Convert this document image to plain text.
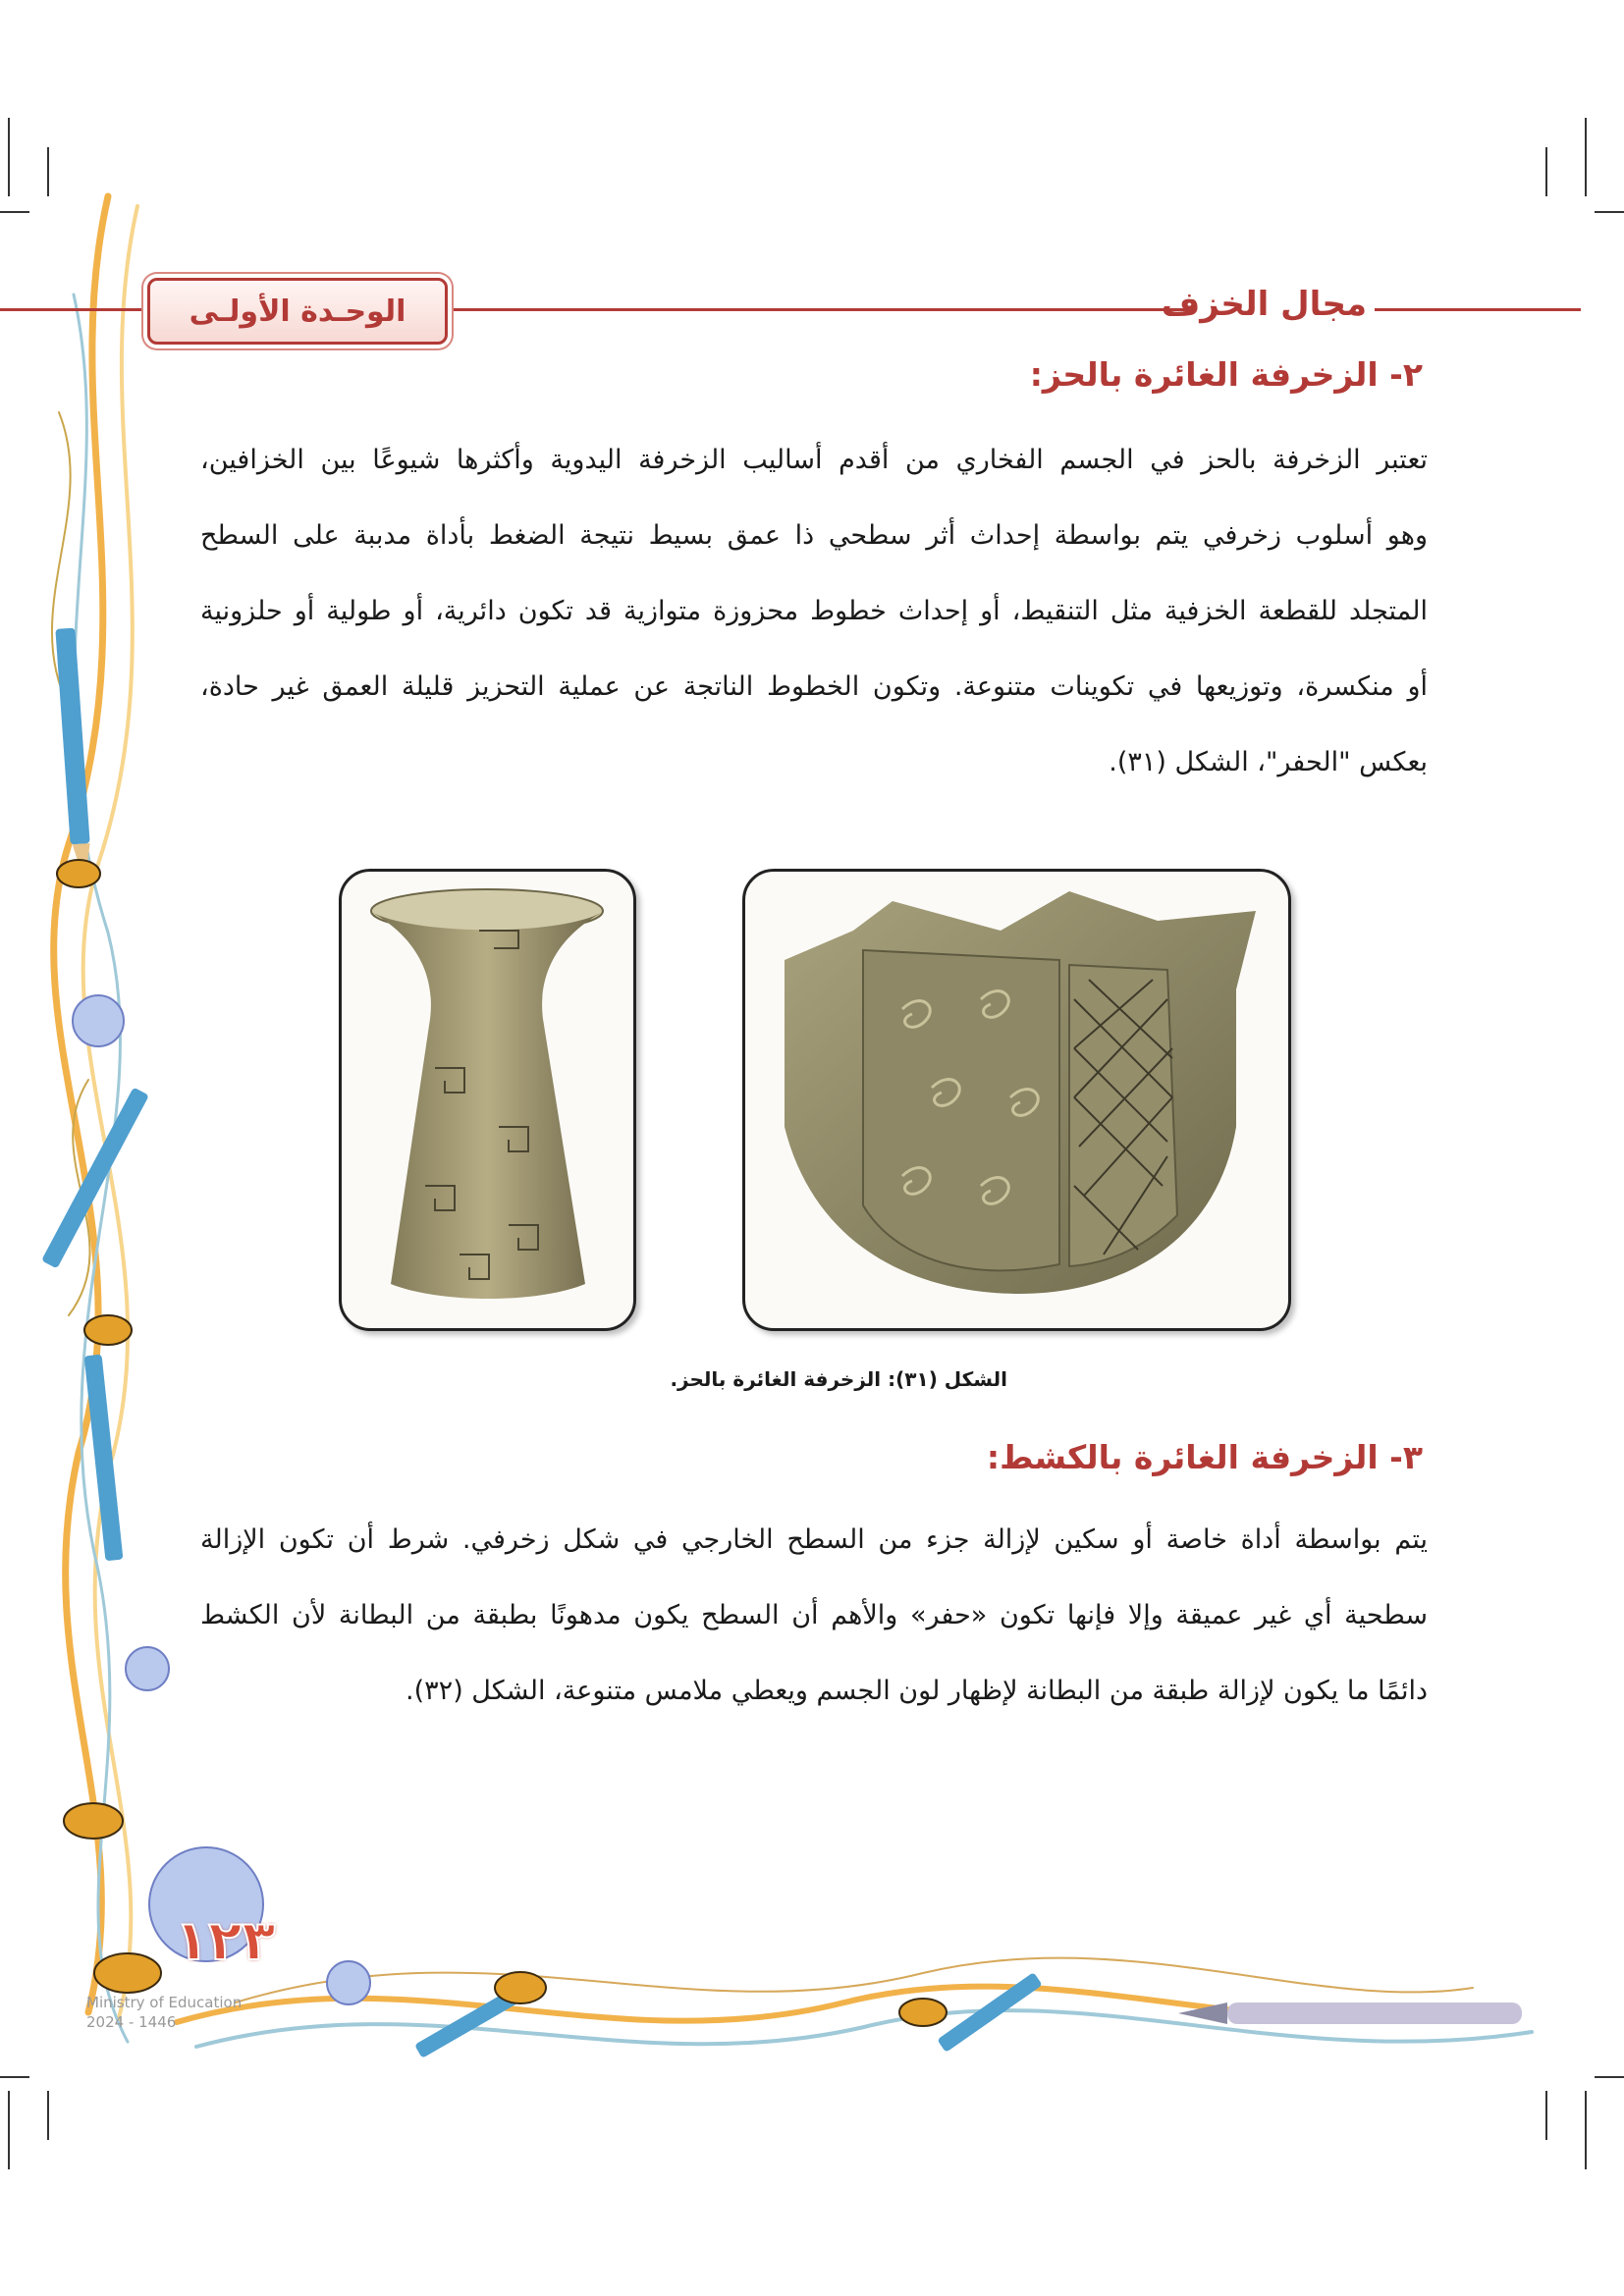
الوحـدة الأولـى	مجال الخزف
٢- الزخرفة الغائرة بالحز:
تعتبر الزخرفة بالحز في الجسم الفخاري من أقدم أساليب الزخرفة اليدوية وأكثرها شيوعًا بين الخزافين،
وهو أسلوب زخرفي يتم بواسطة إحداث أثر سطحي ذا عمق بسيط نتيجة الضغط بأداة مدببة على السطح
المتجلد للقطعة الخزفية مثل التنقيط، أو إحداث خطوط محزوزة متوازية قد تكون دائرية، أو طولية أو حلزونية
أو منكسرة، وتوزيعها في تكوينات متنوعة. وتكون الخطوط الناتجة عن عملية التحزيز قليلة العمق غير حادة،
بعكس "الحفر"، الشكل (٣١).
الشكل (٣١): الزخرفة الغائرة بالحز.
٣- الزخرفة الغائرة بالكشط:
يتم بواسطة أداة خاصة أو سكين لإزالة جزء من السطح الخارجي في شكل زخرفي. شرط أن تكون الإزالة
سطحية أي غير عميقة وإلا فإنها تكون «حفر» والأهم أن السطح يكون مدهونًا بطبقة من البطانة لأن الكشط
دائمًا ما يكون لإزالة طبقة من البطانة لإظهار لون الجسم ويعطي ملامس متنوعة، الشكل (٣٢).
١٢٣
Ministry of Education
2024 - 1446
